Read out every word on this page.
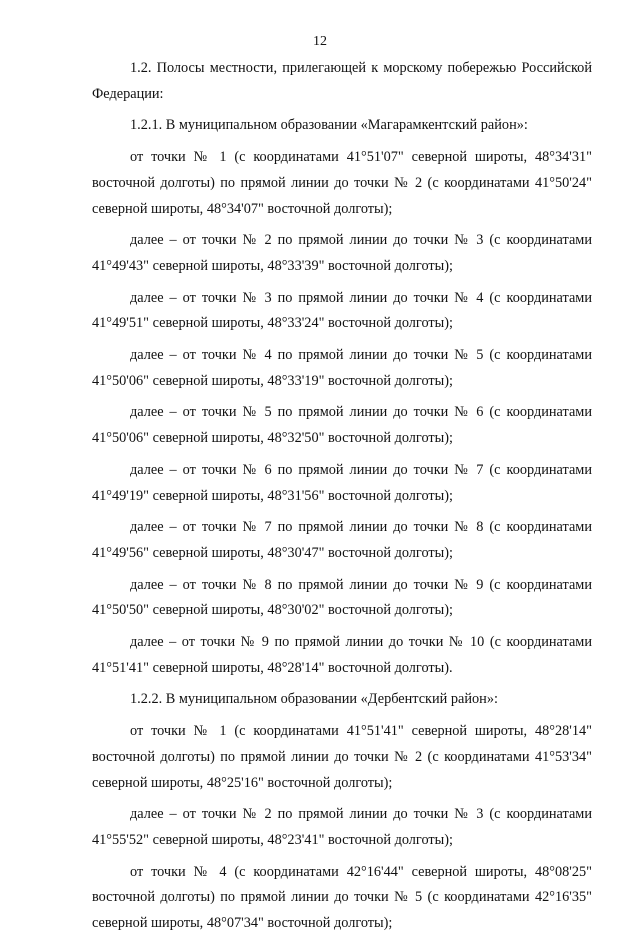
12

1.2. Полосы местности, прилегающей к морскому побережью Российской Федерации:

1.2.1. В муниципальном образовании «Магарамкентский район»:

от точки № 1 (с координатами 41°51'07" северной широты, 48°34'31" восточной долготы) по прямой линии до точки № 2 (с координатами 41°50'24" северной широты, 48°34'07" восточной долготы);

далее – от точки № 2 по прямой линии до точки № 3 (с координатами 41°49'43" северной широты, 48°33'39" восточной долготы);

далее – от точки № 3 по прямой линии до точки № 4 (с координатами 41°49'51" северной широты, 48°33'24" восточной долготы);

далее – от точки № 4 по прямой линии до точки № 5 (с координатами 41°50'06" северной широты, 48°33'19" восточной долготы);

далее – от точки № 5 по прямой линии до точки № 6 (с координатами 41°50'06" северной широты, 48°32'50" восточной долготы);

далее – от точки № 6 по прямой линии до точки № 7 (с координатами 41°49'19" северной широты, 48°31'56" восточной долготы);

далее – от точки № 7 по прямой линии до точки № 8 (с координатами 41°49'56" северной широты, 48°30'47" восточной долготы);

далее – от точки № 8 по прямой линии до точки № 9 (с координатами 41°50'50" северной широты, 48°30'02" восточной долготы);

далее – от точки № 9 по прямой линии до точки № 10 (с координатами 41°51'41" северной широты, 48°28'14" восточной долготы).

1.2.2. В муниципальном образовании «Дербентский район»:

от точки № 1 (с координатами 41°51'41" северной широты, 48°28'14" восточной долготы) по прямой линии до точки № 2 (с координатами 41°53'34" северной широты, 48°25'16" восточной долготы);

далее – от точки № 2 по прямой линии до точки № 3 (с координатами 41°55'52" северной широты, 48°23'41" восточной долготы);

от точки № 4 (с координатами 42°16'44" северной широты, 48°08'25" восточной долготы) по прямой линии до точки № 5 (с координатами 42°16'35" северной широты, 48°07'34" восточной долготы);
